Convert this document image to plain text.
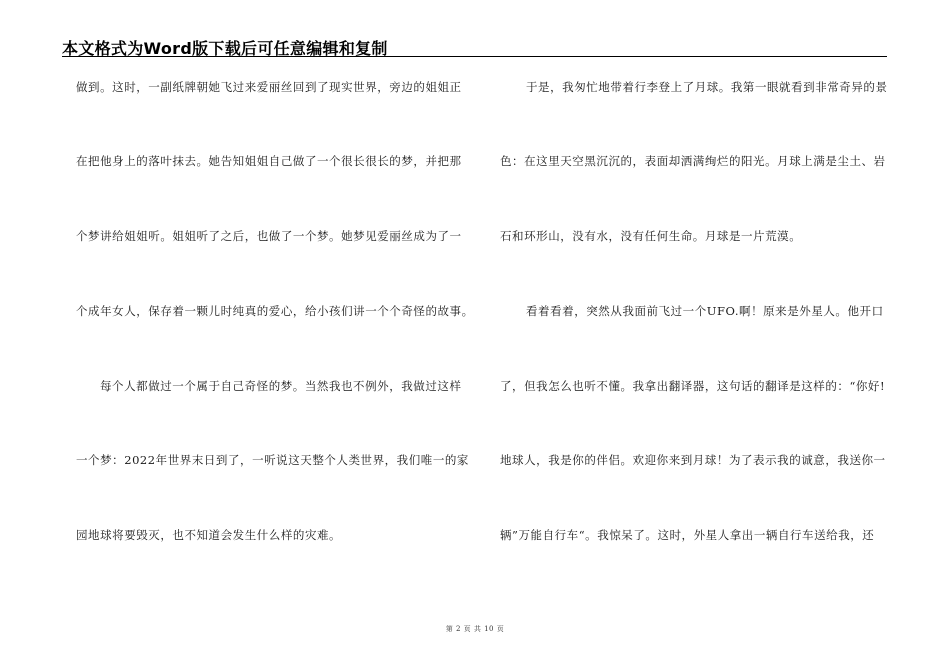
本文格式为Word版下载后可任意编辑和复制
做到。这时，一副纸牌朝她飞过来爱丽丝回到了现实世界，旁边的姐姐正
在把他身上的落叶抹去。她告知姐姐自己做了一个很长很长的梦，并把那
个梦讲给姐姐听。姐姐听了之后，也做了一个梦。她梦见爱丽丝成为了一
个成年女人，保存着一颗儿时纯真的爱心，给小孩们讲一个个奇怪的故事。
每个人都做过一个属于自己奇怪的梦。当然我也不例外，我做过这样
一个梦：2022年世界末日到了，一听说这天整个人类世界，我们唯一的家
园地球将要毁灭，也不知道会发生什么样的灾难。
于是，我匆忙地带着行李登上了月球。我第一眼就看到非常奇异的景
色：在这里天空黑沉沉的，表面却洒满绚烂的阳光。月球上满是尘土、岩
石和环形山，没有水，没有任何生命。月球是一片荒漠。
看着看着，突然从我面前飞过一个UFO.啊！原来是外星人。他开口
了，但我怎么也听不懂。我拿出翻译器，这句话的翻译是这样的：“你好!
地球人，我是你的伴侣。欢迎你来到月球！为了表示我的诚意，我送你一
辆”万能自行车“。我惊呆了。这时，外星人拿出一辆自行车送给我，还
第 2 页 共 10 页
